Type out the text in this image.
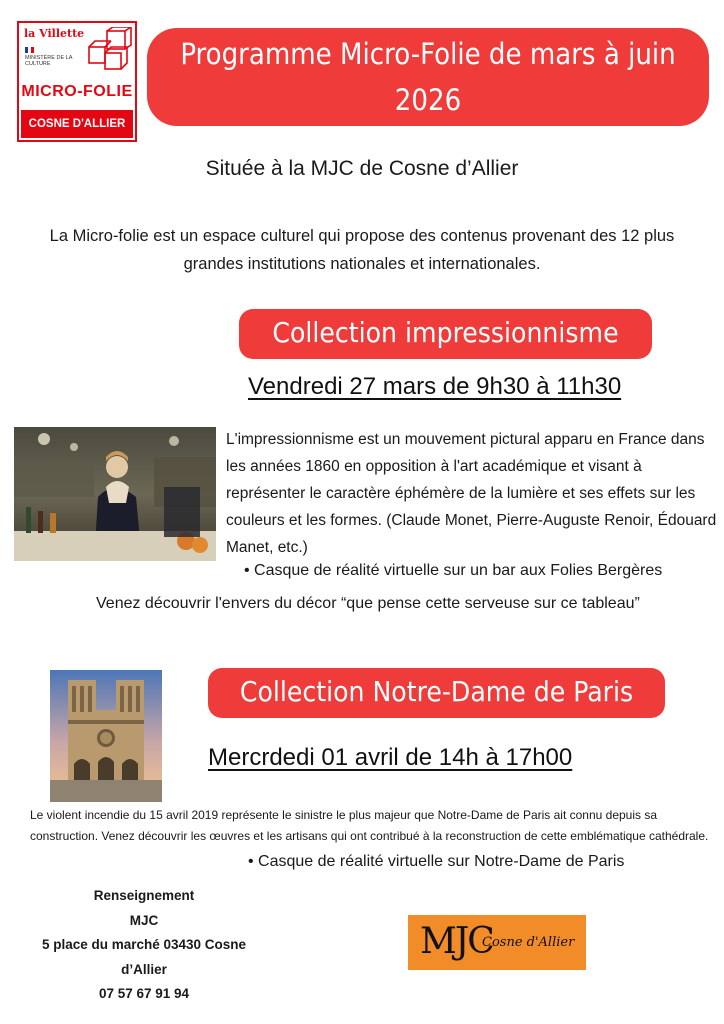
la Villette
MINISTÈRE DE LA CULTURE
MICRO-FOLIE
COSNE D'ALLIER
Programme Micro-Folie de mars à juin 2026
Située à la MJC de Cosne d’Allier
La Micro-folie est un espace culturel qui propose des contenus provenant des 12 plus grandes institutions nationales et internationales.
Collection impressionnisme
Vendredi 27 mars de 9h30 à 11h30
L'impressionnisme est un mouvement pictural apparu en France dans les années 1860 en opposition à l'art académique et visant à représenter le caractère éphémère de la lumière et ses effets sur les couleurs et les formes. (Claude Monet, Pierre-Auguste Renoir, Édouard Manet, etc.)
• Casque de réalité virtuelle sur un bar aux Folies Bergères
Venez découvrir l'envers du décor “que pense cette serveuse sur ce tableau”
Collection Notre-Dame de Paris
Mercrdedi 01 avril de 14h à 17h00
Le violent incendie du 15 avril 2019 représente le sinistre le plus majeur que Notre-Dame de Paris ait connu depuis sa construction. Venez découvrir les œuvres et les artisans qui ont contribué à la reconstruction de cette emblématique cathédrale.
• Casque de réalité virtuelle sur Notre-Dame de Paris
Renseignement
MJC
5 place du marché 03430 Cosne d’Allier
07 57 67 91 94
MJC
Cosne d'Allier
